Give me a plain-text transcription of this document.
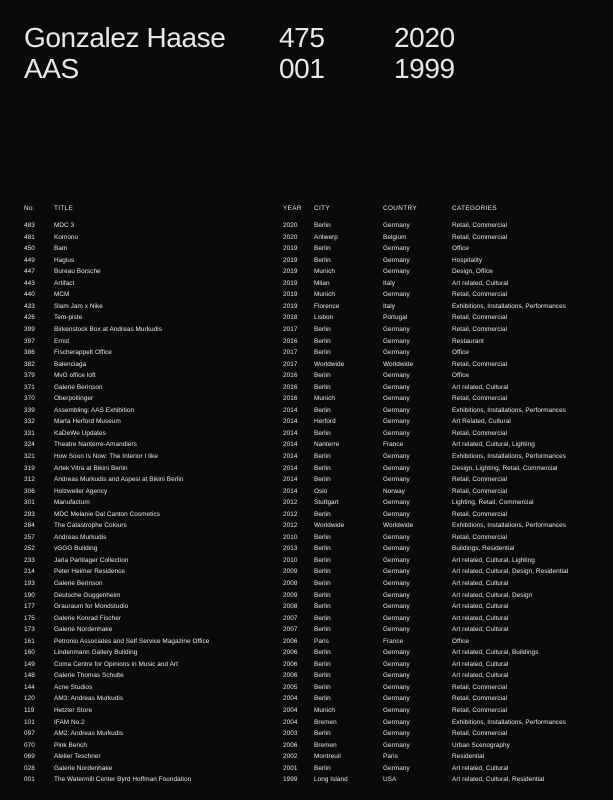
Gonzalez Haase	475	2020
AAS	001	1999
No.	TITLE	YEAR	CITY	COUNTRY	CATEGORIES
483	MDC 3	2020	Berlin	Germany	Retail, Commercial
481	Komono	2020	Antwerp	Belgium	Retail, Commercial
450	Bam	2019	Berlin	Germany	Office
449	Hagius	2019	Berlin	Germany	Hospitality
447	Bureau Borsche	2019	Munich	Germany	Design, Office
443	Artifact	2019	Milan	Italy	Art related, Cultural
440	MCM	2019	Munich	Germany	Retail, Commercial
433	Slam Jam x Nike	2019	Florence	Italy	Exhibitions, Installations, Performances
426	Tem-piste	2018	Lisbon	Portugal	Retail, Commercial
399	Birkenstock Box at Andreas Murkudis	2017	Berlin	Germany	Retail, Commercial
397	Ernst	2016	Berlin	Germany	Restaurant
386	Fischerappelt Office	2017	Berlin	Germany	Office
382	Balenciaga	2017	Worldwide	Worldwide	Retail, Commercial
379	MvG office loft	2016	Berlin	Germany	Office
371	Galerie Berinson	2016	Berlin	Germany	Art related, Cultural
370	Oberpollinger	2016	Munich	Germany	Retail, Commercial
339	Assembling: AAS Exhibition	2014	Berlin	Germany	Exhibitions, Installations, Performances
332	Marta Herford Museum	2014	Herford	Germany	Art Related, Cultural
331	KaDeWe Updates	2014	Berlin	Germany	Retail, Commercial
324	Theatre Nanterre-Amandiers	2014	Nanterre	France	Art related, Cultural, Lighting
321	How Soon Is Now: The Interior I like	2014	Berlin	Germany	Exhibitions, Installations, Performances
319	Artek Vitra at Bikini Berlin	2014	Berlin	Germany	Design, Lighting, Retail, Commercial
312	Andreas Murkudis and Aspesi at Bikini Berlin	2014	Berlin	Germany	Retail, Commercial
306	Holzweiler Agency	2014	Oslo	Norway	Retail, Commercial
301	Manufactum	2012	Stuttgart	Germany	Lighting, Retail, Commercial
293	MDC Melanie Dal Canton Cosmetics	2012	Berlin	Germany	Retail, Commercial
284	The Catastrophe Colours	2012	Worldwide	Worldwide	Exhibitions, Installations, Performances
257	Andreas Murkudis	2010	Berlin	Germany	Retail, Commercial
252	vGGG Building	2013	Berlin	Germany	Buildings, Residential
233	Jarla Partilager Collection	2010	Berlin	Germany	Art related, Cultural, Lighting
214	Peter Heimer Residence	2009	Berlin	Germany	Art related, Cultural, Design, Residential
193	Galerie Berinson	2008	Berlin	Germany	Art related, Cultural
190	Deutsche Guggenheim	2009	Berlin	Germany	Art related, Cultural, Design
177	Grauraum for Mondstudio	2008	Berlin	Germany	Art related, Cultural
175	Galerie Konrad Fischer	2007	Berlin	Germany	Art related, Cultural
173	Galerie Nordenhake	2007	Berlin	Germany	Art related, Cultural
161	Petronio Associates and Self Service Magazine Office	2006	Paris	France	Office
160	Lindenmann Gallery Building	2006	Berlin	Germany	Art related, Cultural, Buildings
149	Coma Centre for Opinions in Music and Art	2006	Berlin	Germany	Art related, Cultural
148	Galerie Thomas Schulte	2006	Berlin	Germany	Art related, Cultural
144	Acne Studios	2005	Berlin	Germany	Retail, Commercial
120	AM3: Andreas Murkudis	2004	Berlin	Germany	Retail, Commercial
119	Hetzler Store	2004	Munich	Germany	Retail, Commercial
101	IFAM No.2	2004	Bremen	Germany	Exhibitions, Installations, Performances
097	AM2: Andreas Murkudis	2003	Berlin	Germany	Retail, Commercial
070	Pink Bench	2006	Bremen	Germany	Urban Scenography
069	Atelier Teschner	2002	Montreuil	Paris	Residential
028	Galerie Nordenhake	2001	Berlin	Germany	Art related, Cultural
001	The Watermill Center Byrd Hoffman Foundation	1999	Long Island	USA	Art related, Cultural, Residential
